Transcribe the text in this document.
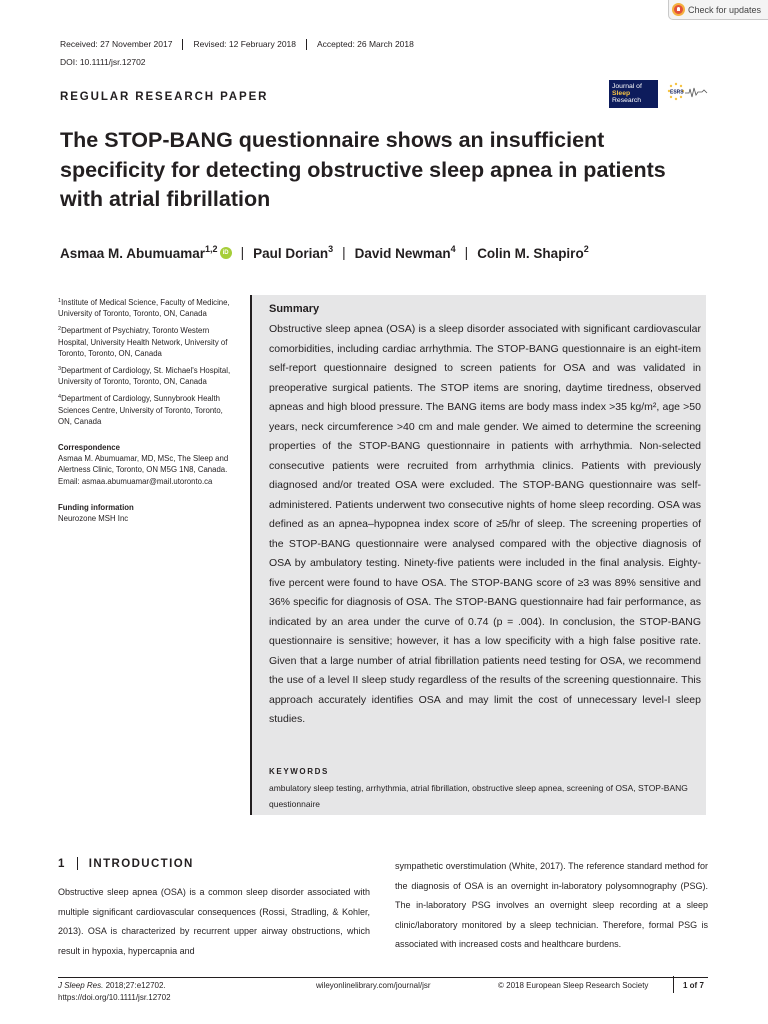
Check for updates
Received: 27 November 2017	Revised: 12 February 2018	Accepted: 26 March 2018
DOI: 10.1111/jsr.12702
REGULAR RESEARCH PAPER
Journal of
Sleep
Research
ESRS
The STOP-BANG questionnaire shows an insufficient specificity for detecting obstructive sleep apnea in patients with atrial fibrillation
Asmaa M. Abumuamar$^{1,2}$ iD | Paul Dorian$^3$ | David Newman$^4$ | Colin M. Shapiro$^2$

$^1$Institute of Medical Science, Faculty of Medicine, University of Toronto, Toronto, ON, Canada

$^2$Department of Psychiatry, Toronto Western Hospital, University Health Network, University of Toronto, Toronto, ON, Canada

$^3$Department of Cardiology, St. Michael's Hospital, University of Toronto, Toronto, ON, Canada

$^4$Department of Cardiology, Sunnybrook Health Sciences Centre, University of Toronto, Toronto, ON, Canada

Correspondence
Asmaa M. Abumuamar, MD, MSc, The Sleep and Alertness Clinic, Toronto, ON M5G 1N8, Canada.
Email: asmaa.abumuamar@mail.utoronto.ca
Funding information
Neurozone MSH Inc
Summary
Obstructive sleep apnea (OSA) is a sleep disorder associated with significant cardiovascular comorbidities, including cardiac arrhythmia. The STOP-BANG questionnaire is an eight-item self-report questionnaire designed to screen patients for OSA and was validated in preoperative surgical patients. The STOP items are snoring, daytime tiredness, observed apneas and high blood pressure. The BANG items are body mass index >35 kg/m², age >50 years, neck circumference >40 cm and male gender. We aimed to determine the screening properties of the STOP-BANG questionnaire in patients with arrhythmia. Non-selected consecutive patients were recruited from arrhythmia clinics. Patients with previously diagnosed and/or treated OSA were excluded. The STOP-BANG questionnaire was self-administered. Patients underwent two consecutive nights of home sleep recording. OSA was defined as an apnea–hypopnea index score of ≥5/hr of sleep. The screening properties of the STOP-BANG questionnaire were analysed compared with the objective diagnosis of OSA by ambulatory testing. Ninety-five patients were included in the final analysis. Eighty-five percent were found to have OSA. The STOP-BANG score of ≥3 was 89% sensitive and 36% specific for diagnosis of OSA. The STOP-BANG questionnaire had fair performance, as indicated by an area under the curve of 0.74 (p = .004). In conclusion, the STOP-BANG questionnaire is sensitive; however, it has a low specificity with a high false positive rate. Given that a large number of atrial fibrillation patients need testing for OSA, we recommend the use of a level II sleep study regardless of the results of the screening questionnaire. This approach accurately identifies OSA and may limit the cost of unnecessary level-I sleep studies.
KEYWORDS
ambulatory sleep testing, arrhythmia, atrial fibrillation, obstructive sleep apnea, screening of OSA, STOP-BANG questionnaire
1 INTRODUCTION
Obstructive sleep apnea (OSA) is a common sleep disorder associated with multiple significant cardiovascular consequences (Rossi, Stradling, & Kohler, 2013). OSA is characterized by recurrent upper airway obstructions, which result in hypoxia, hypercapnia and
sympathetic overstimulation (White, 2017). The reference standard method for the diagnosis of OSA is an overnight in-laboratory polysomnography (PSG). The in-laboratory PSG involves an overnight sleep recording at a sleep clinic/laboratory monitored by a sleep technician. Therefore, formal PSG is associated with increased costs and healthcare burdens.
J Sleep Res. 2018;27:e12702.
https://doi.org/10.1111/jsr.12702
wileyonlinelibrary.com/journal/jsr	© 2018 European Sleep Research Society	1 of 7
